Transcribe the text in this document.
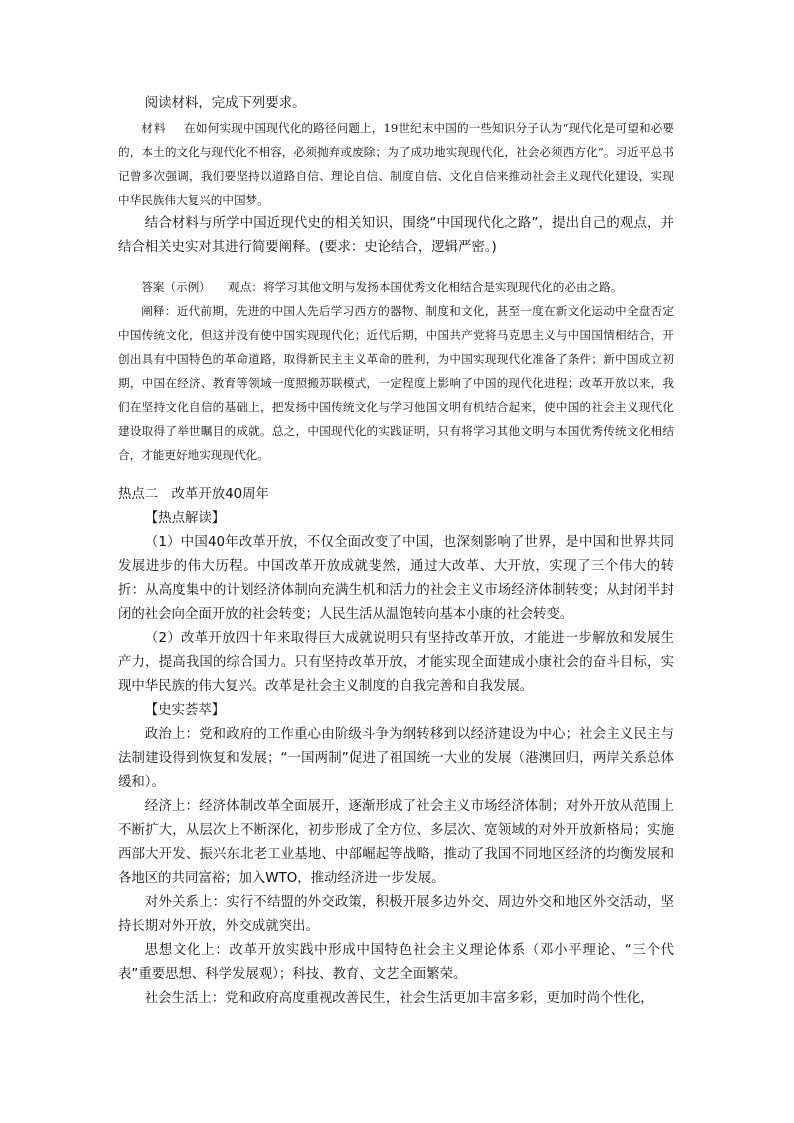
阅读材料，完成下列要求。

材料 在如何实现中国现代化的路径问题上，19世纪末中国的一些知识分子认为“现代化是可望和必要的，本土的文化与现代化不相容，必须抛弃或废除；为了成功地实现现代化，社会必须西方化”。习近平总书记曾多次强调，我们要坚持以道路自信、理论自信、制度自信、文化自信来推动社会主义现代化建设，实现中华民族伟大复兴的中国梦。

结合材料与所学中国近现代史的相关知识，围绕“中国现代化之路”，提出自己的观点，并结合相关史实对其进行简要阐释。(要求：史论结合，逻辑严密。)

答案（示例） 观点：将学习其他文明与发扬本国优秀文化相结合是实现现代化的必由之路。

阐释：近代前期，先进的中国人先后学习西方的器物、制度和文化，甚至一度在新文化运动中全盘否定中国传统文化，但这并没有使中国实现现代化；近代后期，中国共产党将马克思主义与中国国情相结合，开创出具有中国特色的革命道路，取得新民主主义革命的胜利，为中国实现现代化准备了条件；新中国成立初期，中国在经济、教育等领域一度照搬苏联模式，一定程度上影响了中国的现代化进程；改革开放以来，我们在坚持文化自信的基础上，把发扬中国传统文化与学习他国文明有机结合起来，使中国的社会主义现代化建设取得了举世瞩目的成就。总之，中国现代化的实践证明，只有将学习其他文明与本国优秀传统文化相结合，才能更好地实现现代化。

热点二　改革开放40周年

【热点解读】

（1）中国40年改革开放，不仅全面改变了中国，也深刻影响了世界，是中国和世界共同发展进步的伟大历程。中国改革开放成就斐然，通过大改革、大开放，实现了三个伟大的转折：从高度集中的计划经济体制向充满生机和活力的社会主义市场经济体制转变；从封闭半封闭的社会向全面开放的社会转变；人民生活从温饱转向基本小康的社会转变。

（2）改革开放四十年来取得巨大成就说明只有坚持改革开放，才能进一步解放和发展生产力，提高我国的综合国力。只有坚持改革开放，才能实现全面建成小康社会的奋斗目标，实现中华民族的伟大复兴。改革是社会主义制度的自我完善和自我发展。

【史实荟萃】

政治上：党和政府的工作重心由阶级斗争为纲转移到以经济建设为中心；社会主义民主与法制建设得到恢复和发展；“一国两制”促进了祖国统一大业的发展（港澳回归，两岸关系总体缓和）。

经济上：经济体制改革全面展开，逐渐形成了社会主义市场经济体制；对外开放从范围上不断扩大，从层次上不断深化，初步形成了全方位、多层次、宽领域的对外开放新格局；实施西部大开发、振兴东北老工业基地、中部崛起等战略，推动了我国不同地区经济的均衡发展和各地区的共同富裕；加入WTO，推动经济进一步发展。

对外关系上：实行不结盟的外交政策，积极开展多边外交、周边外交和地区外交活动，坚持长期对外开放，外交成就突出。

思想文化上：改革开放实践中形成中国特色社会主义理论体系（邓小平理论、“三个代表”重要思想、科学发展观）；科技、教育、文艺全面繁荣。

社会生活上：党和政府高度重视改善民生，社会生活更加丰富多彩，更加时尚个性化，
